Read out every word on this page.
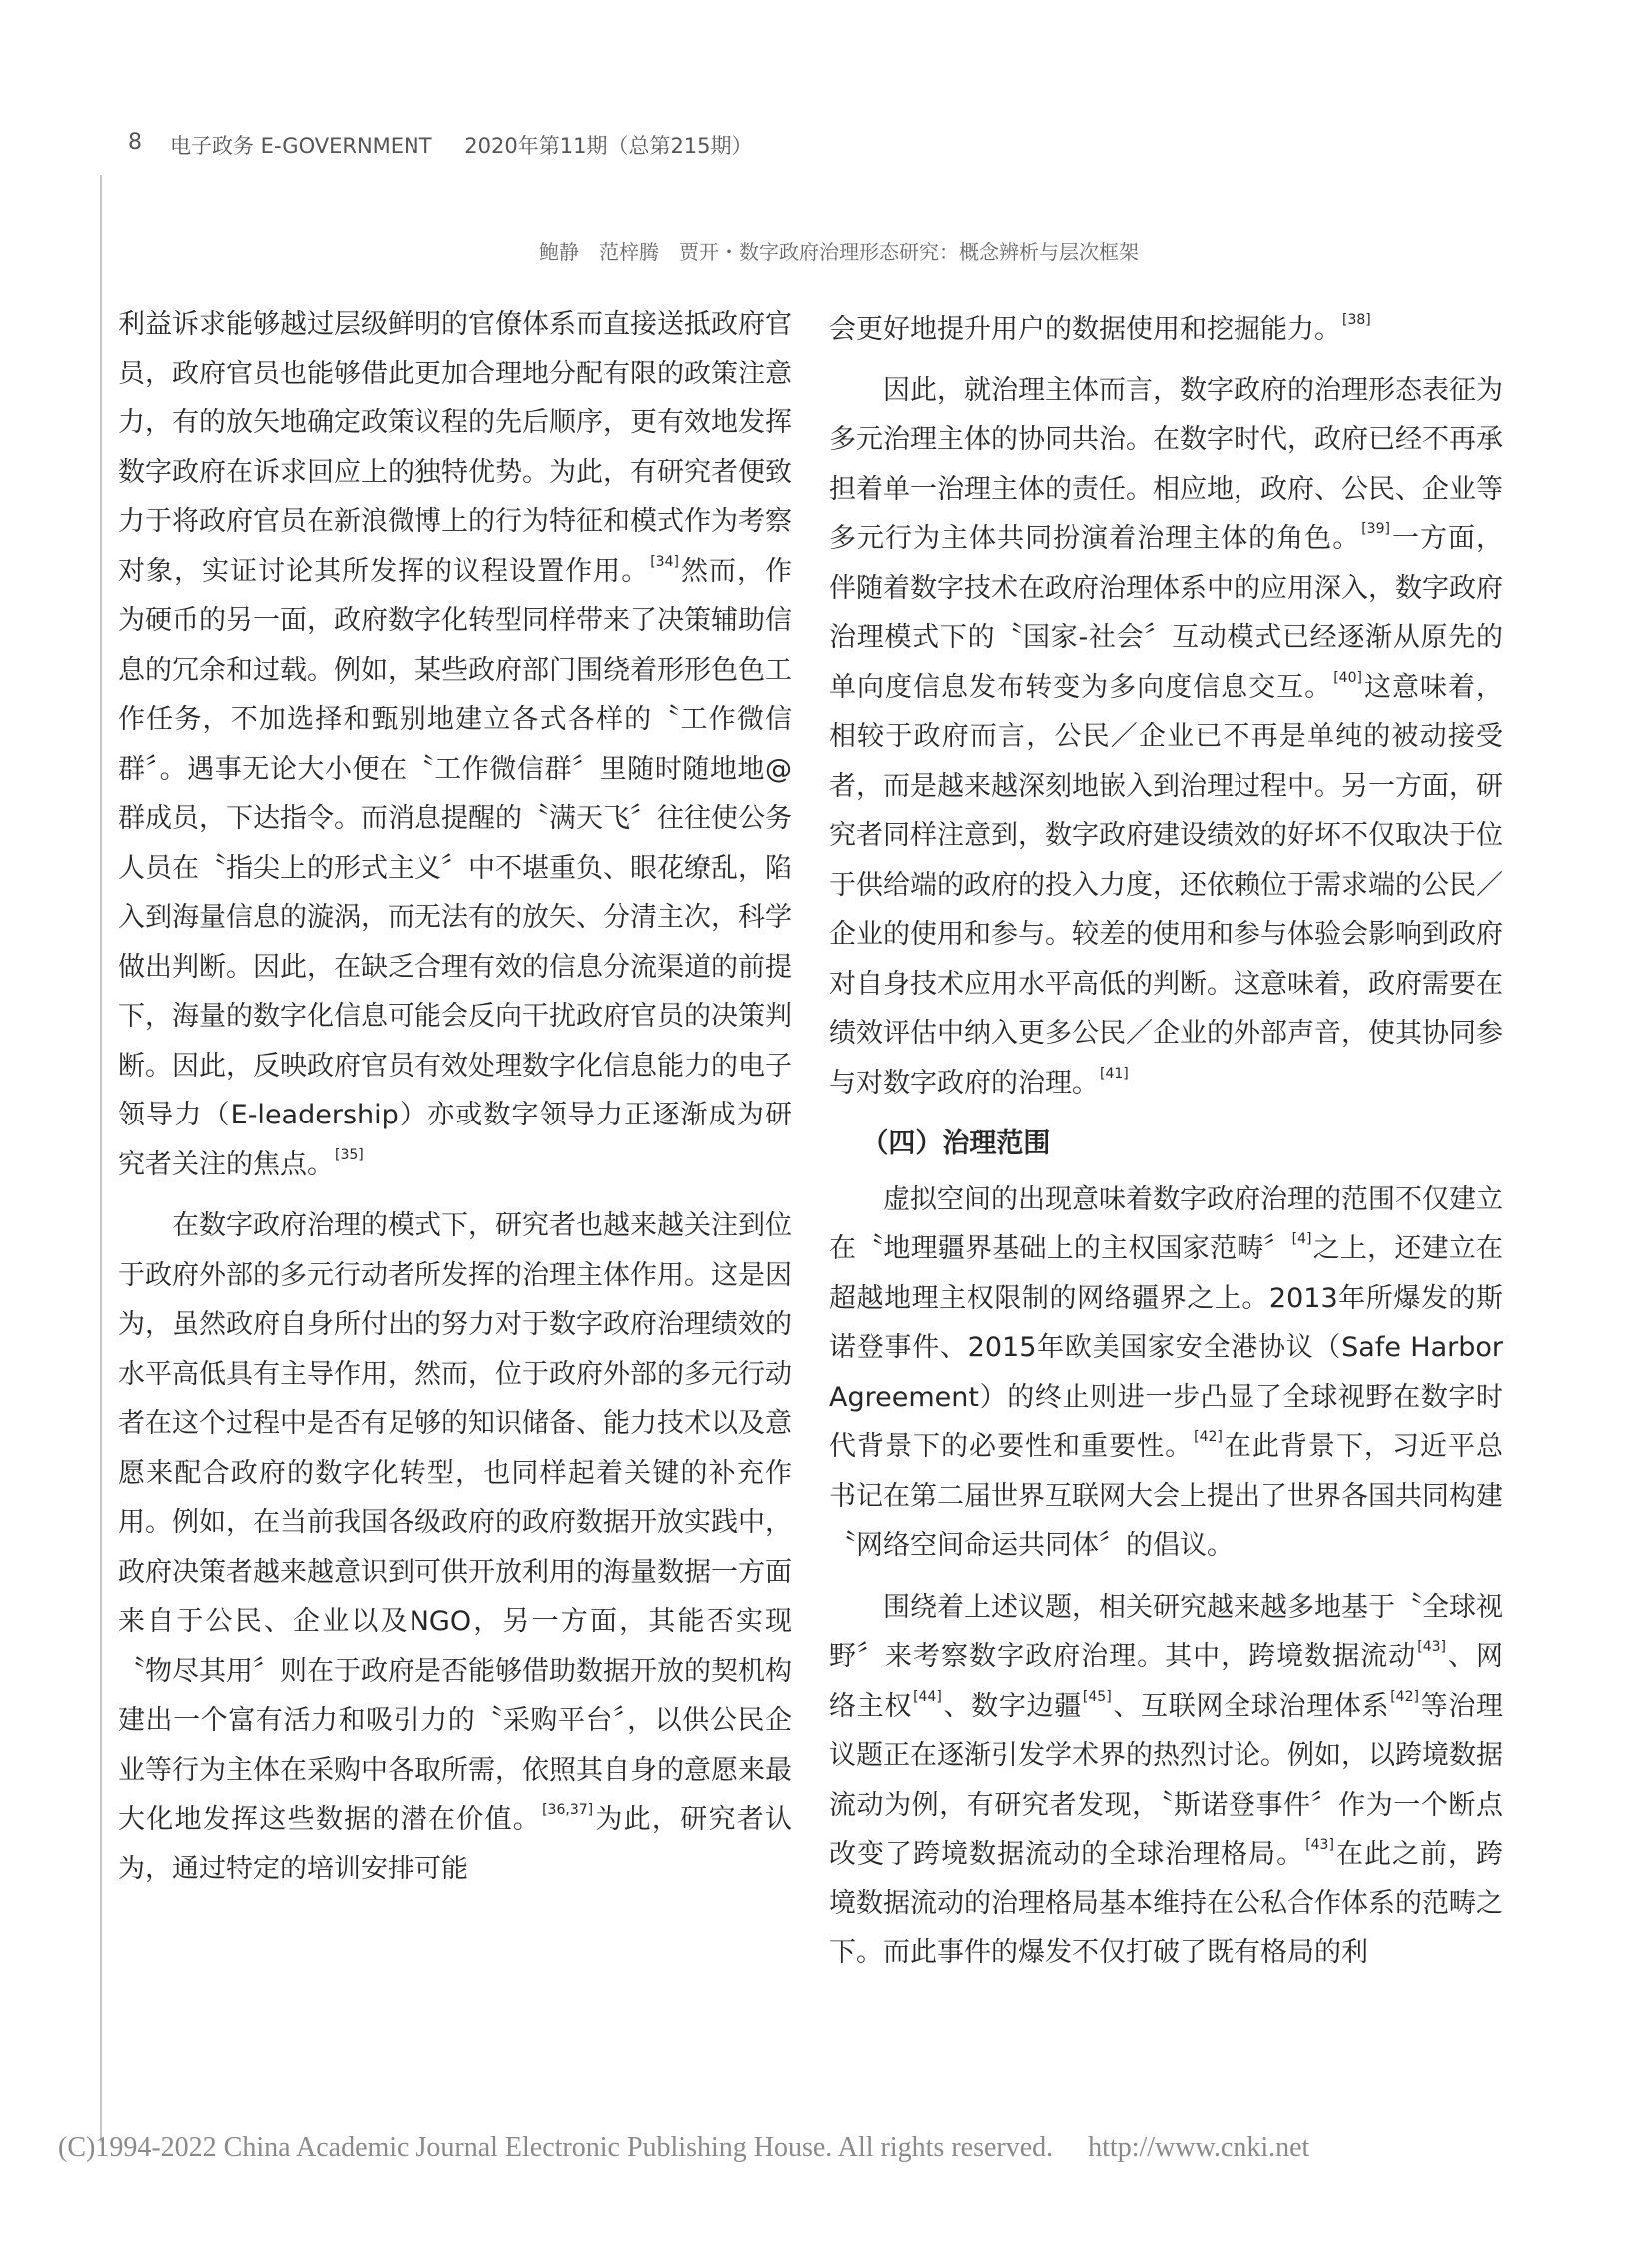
8 电子政务 E-GOVERNMENT 2020年第11期（总第215期）
鲍静　范梓腾　贾开・数字政府治理形态研究：概念辨析与层次框架

利益诉求能够越过层级鲜明的官僚体系而直接送抵政府官员，政府官员也能够借此更加合理地分配有限的政策注意力，有的放矢地确定政策议程的先后顺序，更有效地发挥数字政府在诉求回应上的独特优势。为此，有研究者便致力于将政府官员在新浪微博上的行为特征和模式作为考察对象，实证讨论其所发挥的议程设置作用。[34]然而，作为硬币的另一面，政府数字化转型同样带来了决策辅助信息的冗余和过载。例如，某些政府部门围绕着形形色色工作任务，不加选择和甄别地建立各式各样的〝工作微信群〞。遇事无论大小便在〝工作微信群〞里随时随地地@群成员，下达指令。而消息提醒的〝满天飞〞往往使公务人员在〝指尖上的形式主义〞中不堪重负、眼花缭乱，陷入到海量信息的漩涡，而无法有的放矢、分清主次，科学做出判断。因此，在缺乏合理有效的信息分流渠道的前提下，海量的数字化信息可能会反向干扰政府官员的决策判断。因此，反映政府官员有效处理数字化信息能力的电子领导力（E-leadership）亦或数字领导力正逐渐成为研究者关注的焦点。[35]

在数字政府治理的模式下，研究者也越来越关注到位于政府外部的多元行动者所发挥的治理主体作用。这是因为，虽然政府自身所付出的努力对于数字政府治理绩效的水平高低具有主导作用，然而，位于政府外部的多元行动者在这个过程中是否有足够的知识储备、能力技术以及意愿来配合政府的数字化转型，也同样起着关键的补充作用。例如，在当前我国各级政府的政府数据开放实践中，政府决策者越来越意识到可供开放利用的海量数据一方面来自于公民、企业以及NGO，另一方面，其能否实现〝物尽其用〞则在于政府是否能够借助数据开放的契机构建出一个富有活力和吸引力的〝采购平台〞，以供公民企业等行为主体在采购中各取所需，依照其自身的意愿来最大化地发挥这些数据的潜在价值。[36,37]为此，研究者认为，通过特定的培训安排可能

会更好地提升用户的数据使用和挖掘能力。[38]

因此，就治理主体而言，数字政府的治理形态表征为多元治理主体的协同共治。在数字时代，政府已经不再承担着单一治理主体的责任。相应地，政府、公民、企业等多元行为主体共同扮演着治理主体的角色。[39]一方面，伴随着数字技术在政府治理体系中的应用深入，数字政府治理模式下的〝国家-社会〞互动模式已经逐渐从原先的单向度信息发布转变为多向度信息交互。[40]这意味着，相较于政府而言，公民／企业已不再是单纯的被动接受者，而是越来越深刻地嵌入到治理过程中。另一方面，研究者同样注意到，数字政府建设绩效的好坏不仅取决于位于供给端的政府的投入力度，还依赖位于需求端的公民／企业的使用和参与。较差的使用和参与体验会影响到政府对自身技术应用水平高低的判断。这意味着，政府需要在绩效评估中纳入更多公民／企业的外部声音，使其协同参与对数字政府的治理。[41]

（四）治理范围

虚拟空间的出现意味着数字政府治理的范围不仅建立在〝地理疆界基础上的主权国家范畴〞[4]之上，还建立在超越地理主权限制的网络疆界之上。2013年所爆发的斯诺登事件、2015年欧美国家安全港协议（Safe Harbor Agreement）的终止则进一步凸显了全球视野在数字时代背景下的必要性和重要性。[42]在此背景下，习近平总书记在第二届世界互联网大会上提出了世界各国共同构建〝网络空间命运共同体〞的倡议。

围绕着上述议题，相关研究越来越多地基于〝全球视野〞来考察数字政府治理。其中，跨境数据流动[43]、网络主权[44]、数字边疆[45]、互联网全球治理体系[42]等治理议题正在逐渐引发学术界的热烈讨论。例如，以跨境数据流动为例，有研究者发现，〝斯诺登事件〞作为一个断点改变了跨境数据流动的全球治理格局。[43]在此之前，跨境数据流动的治理格局基本维持在公私合作体系的范畴之下。而此事件的爆发不仅打破了既有格局的利

(C)1994-2022 China Academic Journal Electronic Publishing House. All rights reserved. http://www.cnki.net
